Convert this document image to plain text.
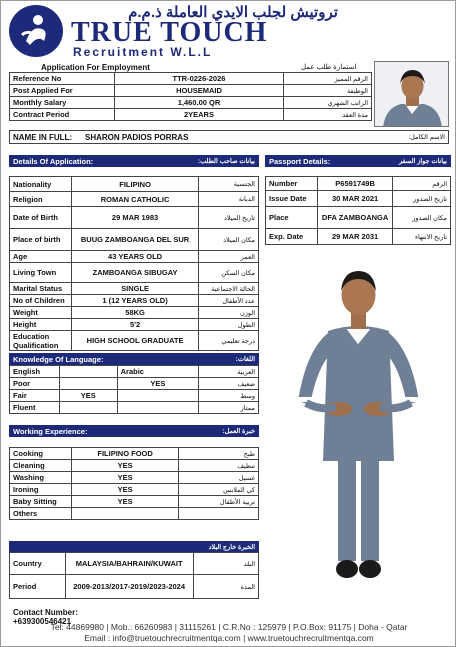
تروتيش لجلب الايدي العاملة ذ.م.م
TRUE TOUCH
Recruitment W.L.L
Application For Employment	استمارة طلب عمل
Reference No	TTR-0226-2026	الرقم المميز
Post Applied For	HOUSEMAID	الوظيفة
Monthly Salary	1,460.00 QR	الراتب الشهري
Contract Period	2YEARS	مدة العقد
NAME IN FULL:	SHARON PADIOS PORRAS	الاسم الكامل:
Details Of Application:	بيانات صاحب الطلب:
Nationality	FILIPINO	الجنسية
Religion	ROMAN CATHOLIC	الديانة
Date of Birth	29 MAR 1983	تاريخ الميلاد
Place of birth	BUUG ZAMBOANGA DEL SUR	مكان الميلاد
Age	43 YEARS OLD	العمر
Living Town	ZAMBOANGA SIBUGAY	مكان السكن
Marital Status	SINGLE	الحالة الاجتماعية
No of Children	1 (12 YEARS OLD)	عدد الأطفال
Weight	58KG	الوزن
Height	5'2	الطول
Education Qualification	HIGH SCHOOL GRADUATE	درجة تعليمي
Passport Details:	بيانات جواز السفر
Number	P6591749B	الرقم
Issue Date	30 MAR 2021	تاريخ الصدور
Place	DFA ZAMBOANGA	مكان الصدور
Exp. Date	29 MAR 2031	تاريخ الانتهاء
Knowledge Of Language:	اللغات:
English		Arabic	العربية
Poor		YES	ضعيف
Fair	YES		وسط
Fluent			ممتاز
Working Experience:	خبرة العمل:
Cooking	FILIPINO FOOD	طبخ
Cleaning	YES	تنظيف
Washing	YES	غسيل
Ironing	YES	كي الملابس
Baby Sitting	YES	تربية الأطفال
Others		
الخبرة خارج البلاد
Country	MALAYSIA/BAHRAIN/KUWAIT	البلد
Period	2009-2013/2017-2019/2023-2024	المدة
Contact Number:
+639300546421
Tel: 44869980 | Mob.: 66260983 | 31115261 | C.R.No : 125979 | P.O.Box: 91175 | Doha - Qatar
Email : info@truetouchrecruitmentqa.com | www.truetouchrecruitmentqa.com
